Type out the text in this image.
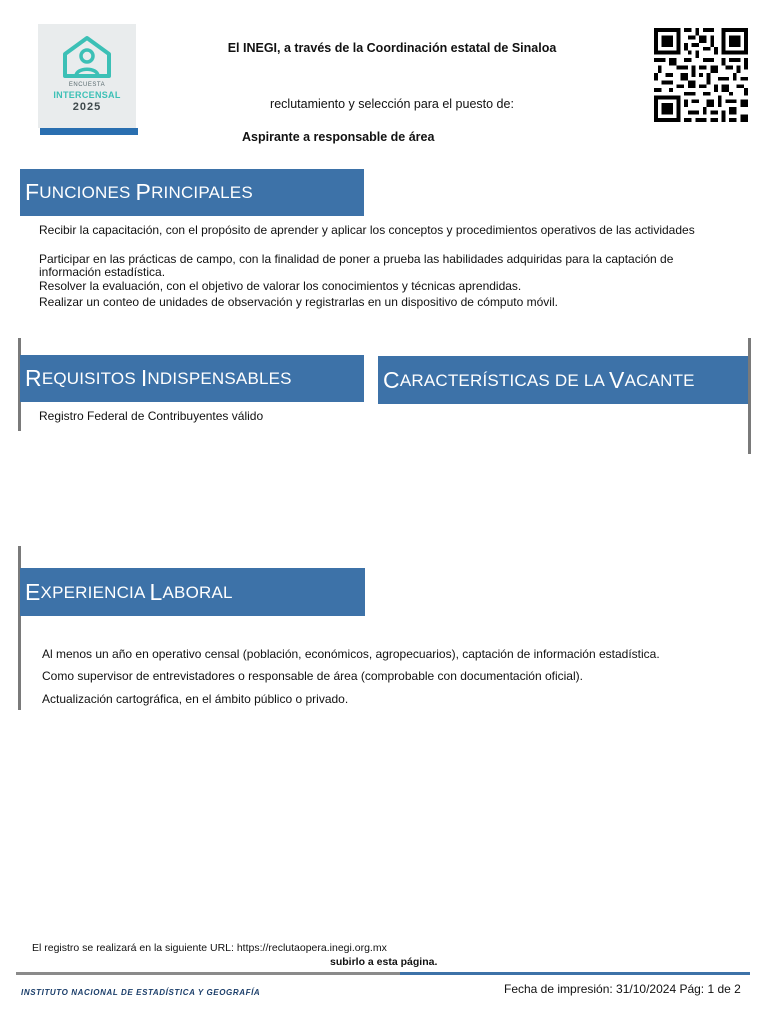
ENCUESTA
INTERCENSAL
2025
El INEGI, a través de la Coordinación estatal de Sinaloa
reclutamiento y selección para el puesto de:
Aspirante a responsable de área
F UNCIONES P RINCIPALES
Recibir la capacitación, con el propósito de aprender y aplicar los conceptos y procedimientos operativos de las actividades
Participar en las prácticas de campo, con la finalidad de poner a prueba las habilidades adquiridas para la captación de
información estadística.
Resolver la evaluación, con el objetivo de valorar los conocimientos y técnicas aprendidas.
Realizar un conteo de unidades de observación y registrarlas en un dispositivo de cómputo móvil.
R EQUISITOS I NDISPENSABLES
Registro Federal de Contribuyentes válido
C ARACTERÍSTICAS DE LA V ACANTE
E XPERIENCIA L ABORAL
Al menos un año en operativo censal (población, económicos, agropecuarios), captación de información estadística.
Como supervisor de entrevistadores o responsable de área (comprobable con documentación oficial).
Actualización cartográfica, en el ámbito público o privado.
El registro se realizará en la siguiente URL: https://reclutaopera.inegi.org.mx
subirlo a esta página.
INSTITUTO NACIONAL DE ESTADÍSTICA Y GEOGRAFÍA	Fecha de impresión: 31/10/2024 Pág: 1 de 2
